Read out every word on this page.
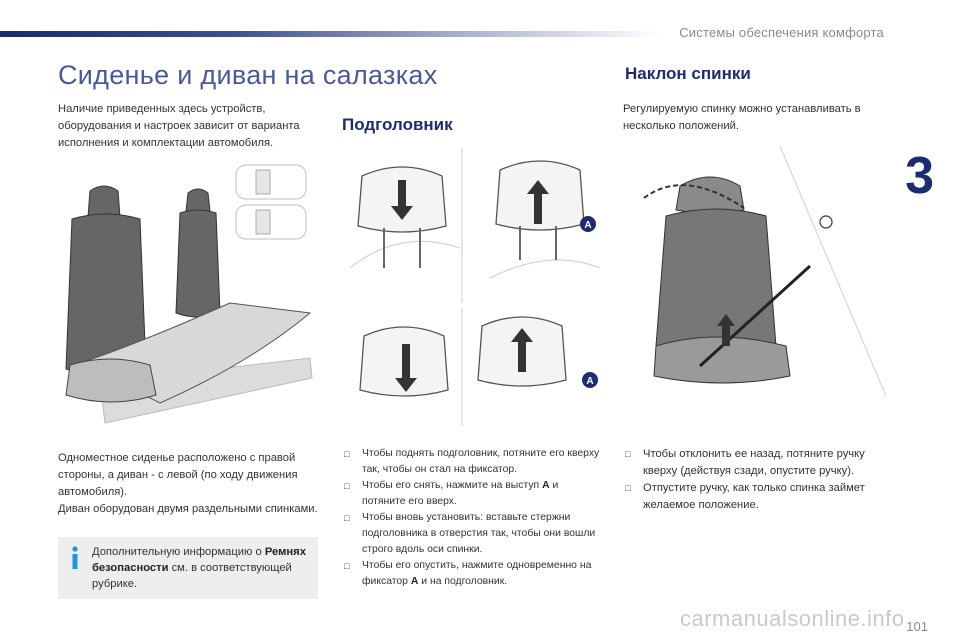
Системы обеспечения комфорта
3
Сиденье и диван на салазках

Наличие приведенных здесь устройств, оборудования и настроек зависит от варианта исполнения и комплектации автомобиля.

Подголовник
Наклон спинки

Регулируемую спинку можно устанавливать в несколько положений.

A
A

Одноместное сиденье расположено с правой стороны, а диван - с левой (по ходу движения автомобиля).

Диван оборудован двумя раздельными спинками.

Дополнительную информацию о Ремнях безопасности см. в соответствующей рубрике.

□ Чтобы поднять подголовник, потяните его кверху так, чтобы он стал на фиксатор.
□ Чтобы его снять, нажмите на выступ A и потяните его вверх.
□ Чтобы вновь установить: вставьте стержни подголовника в отверстия так, чтобы они вошли строго вдоль оси спинки.
□ Чтобы его опустить, нажмите одновременно на фиксатор A и на подголовник.
□ Чтобы отклонить ее назад, потяните ручку кверху (действуя сзади, опустите ручку).
□ Отпустите ручку, как только спинка займет желаемое положение.
carmanualsonline.info 101
